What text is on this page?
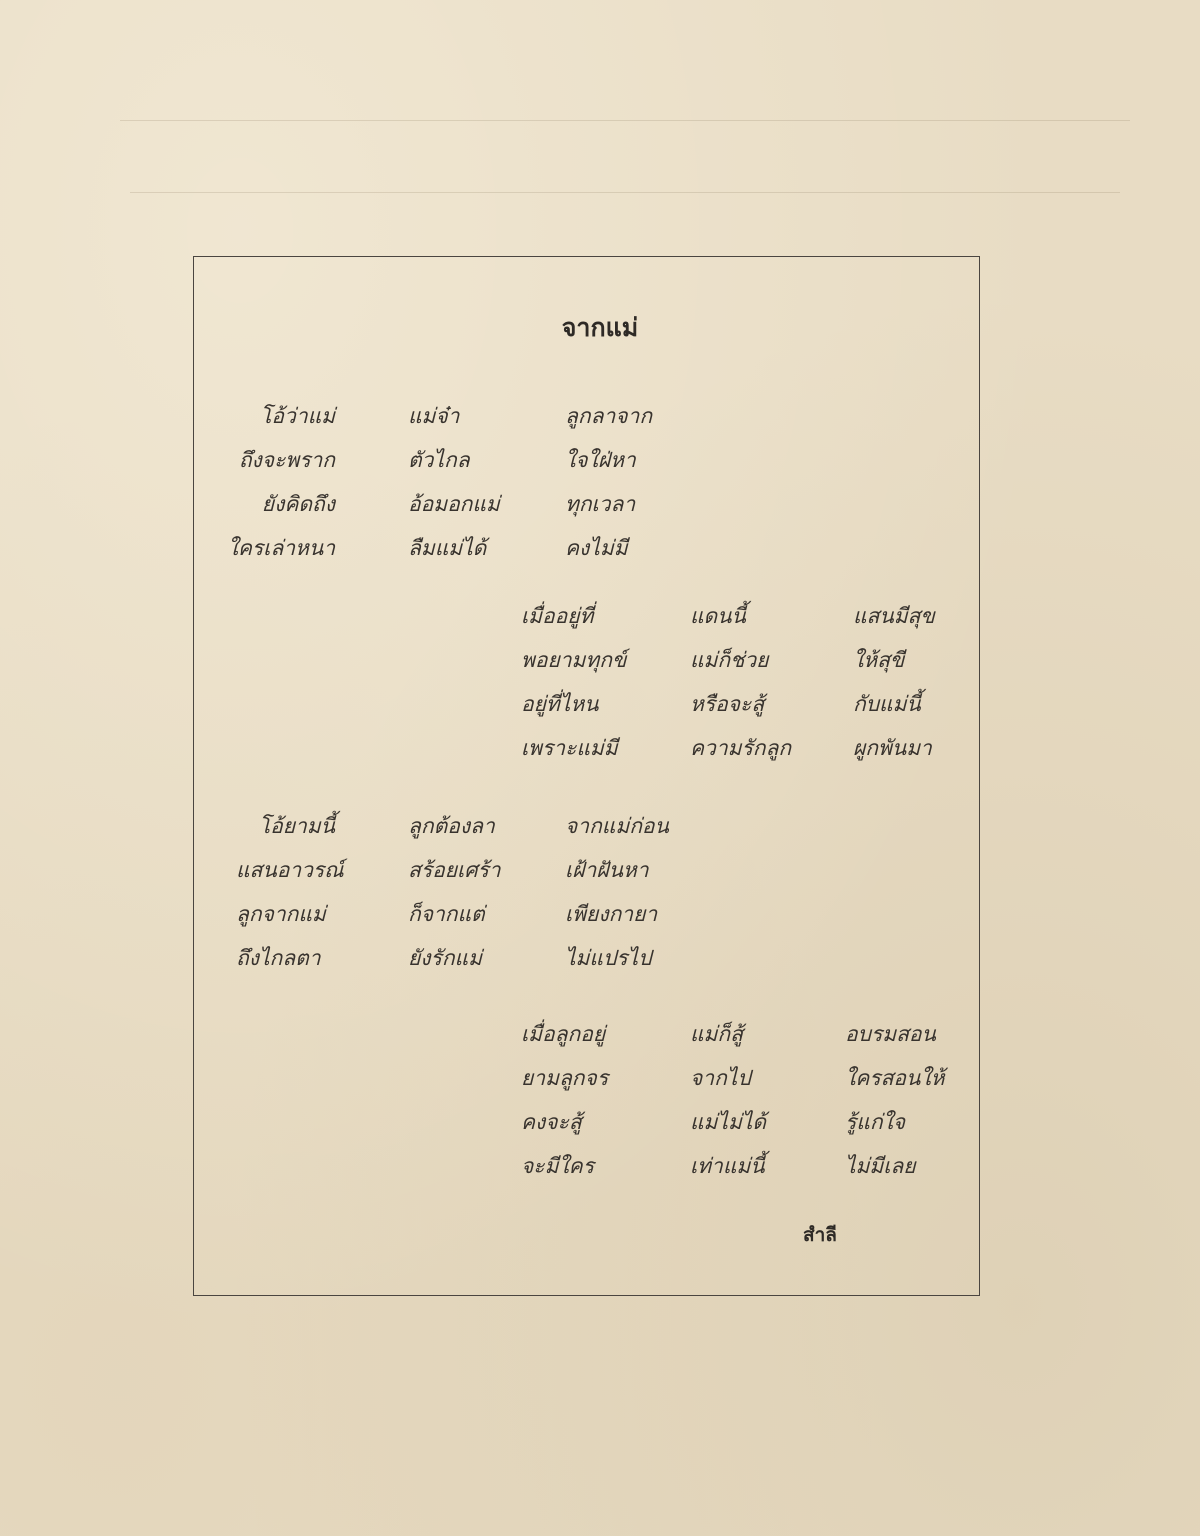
จากแม่
โอ้ว่าแม่	แม่จ๋า	ลูกลาจาก
ถึงจะพราก	ตัวไกล	ใจใฝ่หา
ยังคิดถึง	อ้อมอกแม่	ทุกเวลา
ใครเล่าหนา	ลืมแม่ได้	คงไม่มี
เมื่ออยู่ที่	แดนนี้	แสนมีสุข
พอยามทุกข์	แม่ก็ช่วย	ให้สุขี
อยู่ที่ไหน	หรือจะสู้	กับแม่นี้
เพราะแม่มี	ความรักลูก	ผูกพันมา
โอ้ยามนี้	ลูกต้องลา	จากแม่ก่อน
แสนอาวรณ์	สร้อยเศร้า	เฝ้าฝันหา
ลูกจากแม่	ก็จากแต่	เพียงกายา
ถึงไกลตา	ยังรักแม่	ไม่แปรไป
เมื่อลูกอยู่	แม่ก็สู้	อบรมสอน
ยามลูกจร	จากไป	ใครสอนให้
คงจะสู้	แม่ไม่ได้	รู้แก่ใจ
จะมีใคร	เท่าแม่นี้	ไม่มีเลย
สำลี
